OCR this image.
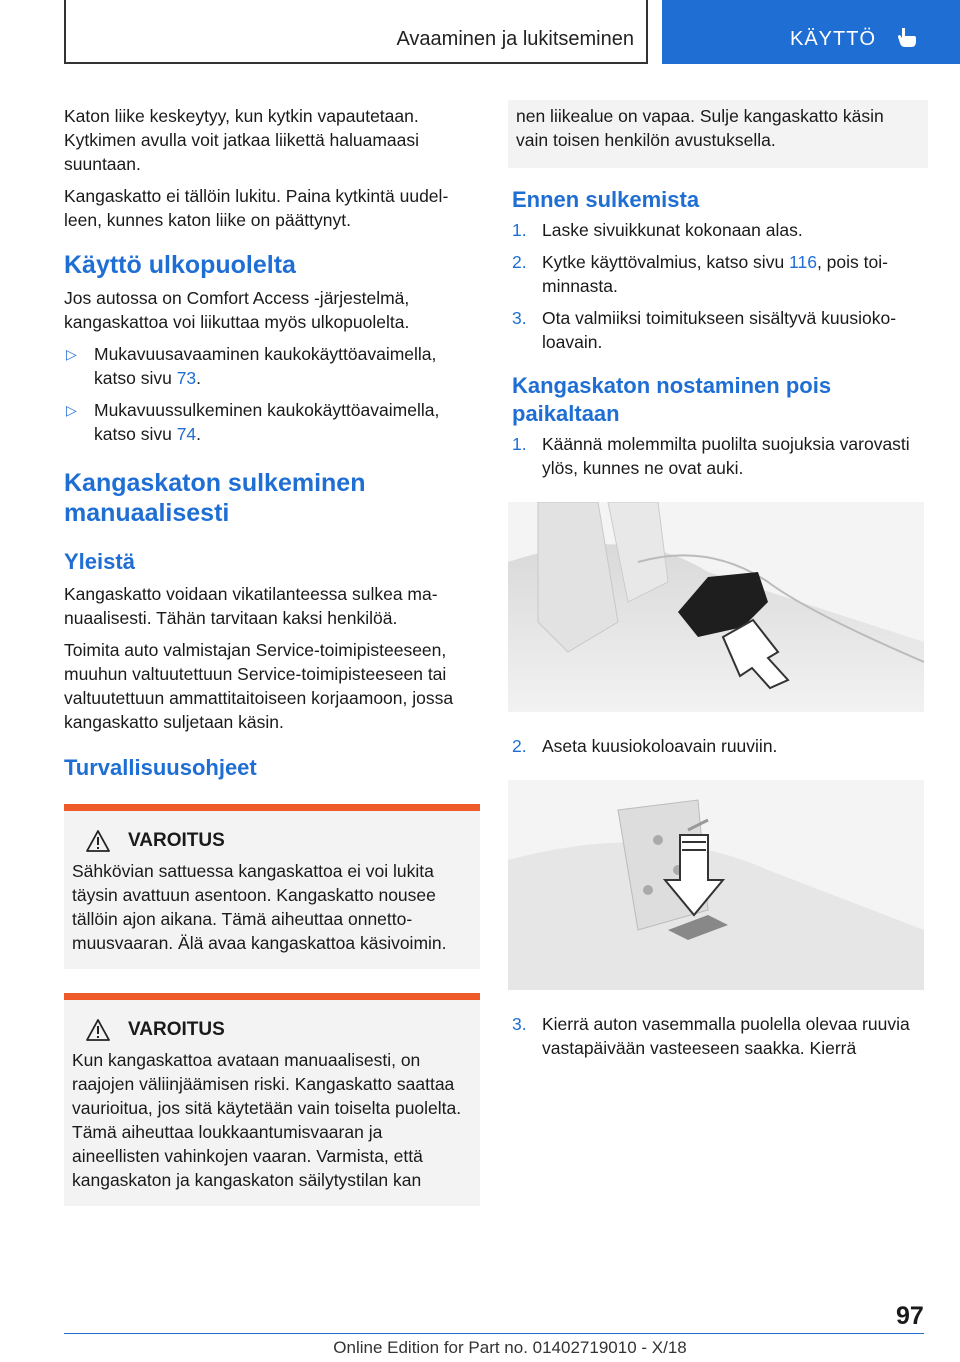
Avaaminen ja lukitseminen	KÄYTTÖ

Katon liike keskeytyy, kun kytkin vapautetaan. Kytkimen avulla voit jatkaa liikettä haluamaasi suuntaan.

Kangaskatto ei tällöin lukitu. Paina kytkintä uudelleen, kunnes katon liike on päättynyt.

Käyttö ulkopuolelta

Jos autossa on Comfort Access -järjestelmä, kangaskattoa voi liikuttaa myös ulkopuolelta.

▷ Mukavuusavaaminen kaukokäyttöavaimella, katso sivu 73.
▷ Mukavuussulkeminen kaukokäyttöavaimella, katso sivu 74.
Kangaskaton sulkeminen manuaalisesti
Yleistä

Kangaskatto voidaan vikatilanteessa sulkea manuaalisesti. Tähän tarvitaan kaksi henkilöä.

Toimita auto valmistajan Service-toimipisteeseen, muuhun valtuutettuun Service-toimipisteeseen tai valtuutettuun ammattitaitoiseen korjaamoon, jossa kangaskatto suljetaan käsin.

Turvallisuusohjeet
VAROITUS

Sähkövian sattuessa kangaskattoa ei voi lukita täysin avattuun asentoon. Kangaskatto nousee tällöin ajon aikana. Tämä aiheuttaa onnettomuusvaaran. Älä avaa kangaskattoa käsivoimin.

VAROITUS

Kun kangaskattoa avataan manuaalisesti, on raajojen väliinjäämisen riski. Kangaskatto saattaa vaurioitua, jos sitä käytetään vain toiselta puolelta. Tämä aiheuttaa loukkaantumisvaaran ja aineellisten vahinkojen vaaran. Varmista, että kangaskaton ja kangaskaton säilytystilan kan

nen liikealue on vapaa. Sulje kangaskatto käsin vain toisen henkilön avustuksella.

Ennen sulkemista
1. Laske sivuikkunat kokonaan alas.
2. Kytke käyttövalmius, katso sivu 116, pois toiminnasta.
3. Ota valmiiksi toimitukseen sisältyvä kuusiokoloavain.
Kangaskaton nostaminen pois paikaltaan
1. Käännä molemmilta puolilta suojuksia varovasti ylös, kunnes ne ovat auki.
2. Aseta kuusiokoloavain ruuviin.
3. Kierrä auton vasemmalla puolella olevaa ruuvia vastapäivään vasteeseen saakka. Kierrä
97
Online Edition for Part no. 01402719010 - X/18
